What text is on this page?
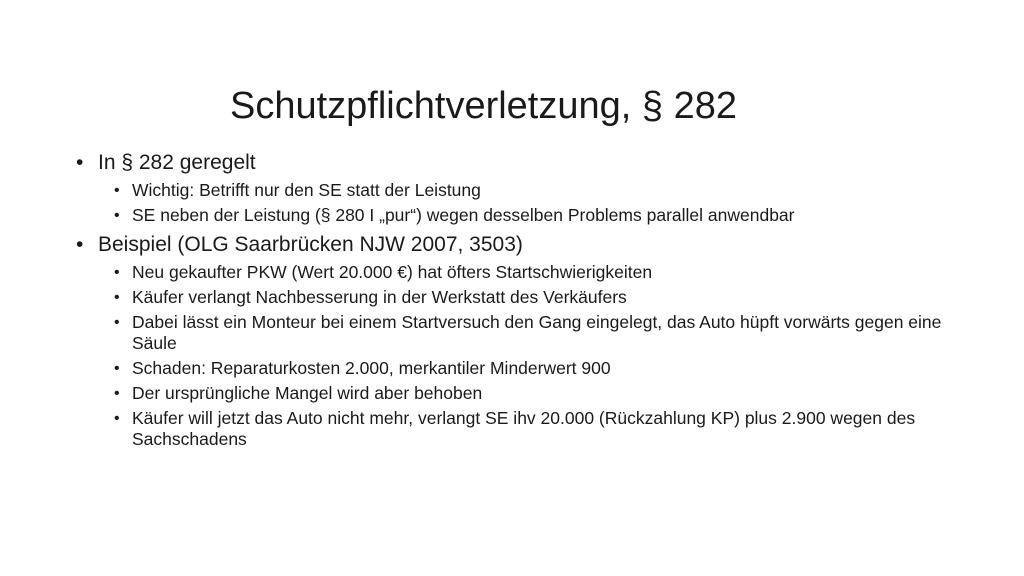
Schutzpflichtverletzung, § 282
• In § 282 geregelt
• Wichtig: Betrifft nur den SE statt der Leistung
• SE neben der Leistung (§ 280 I „pur“) wegen desselben Problems parallel anwendbar
• Beispiel (OLG Saarbrücken NJW 2007, 3503)
• Neu gekaufter PKW (Wert 20.000 €) hat öfters Startschwierigkeiten
• Käufer verlangt Nachbesserung in der Werkstatt des Verkäufers
• Dabei lässt ein Monteur bei einem Startversuch den Gang eingelegt, das Auto hüpft vorwärts gegen eine Säule
• Schaden: Reparaturkosten 2.000, merkantiler Minderwert 900
• Der ursprüngliche Mangel wird aber behoben
• Käufer will jetzt das Auto nicht mehr, verlangt SE ihv 20.000 (Rückzahlung KP) plus 2.900 wegen des Sachschadens
